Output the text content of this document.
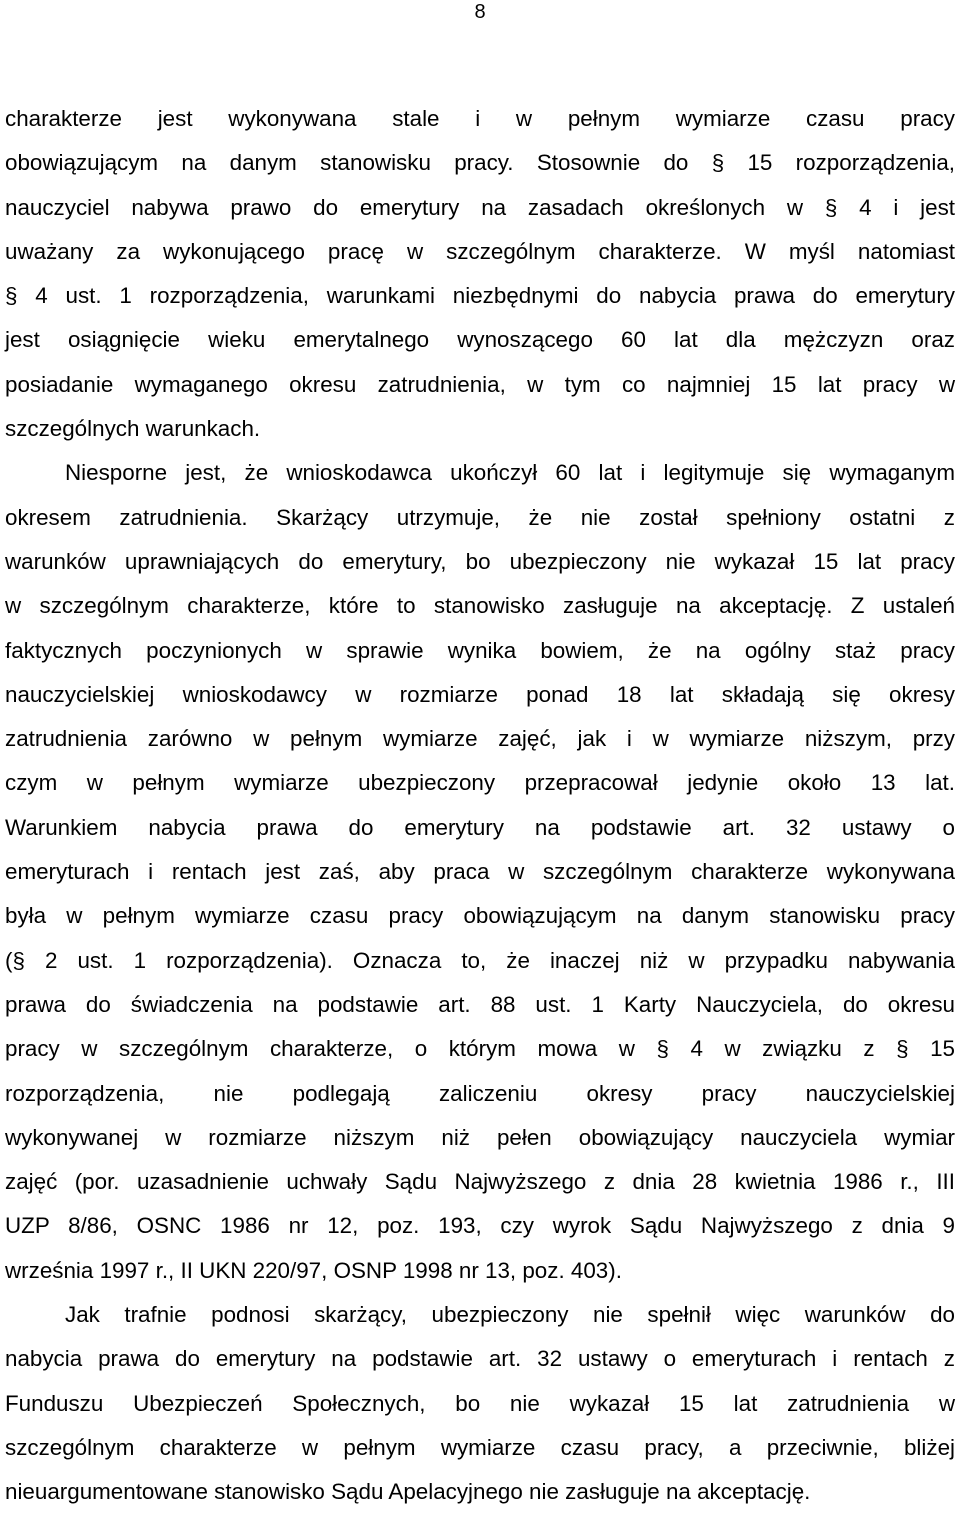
8
charakterze jest wykonywana stale i w pełnym wymiarze czasu pracy
obowiązującym na danym stanowisku pracy. Stosownie do § 15 rozporządzenia,
nauczyciel nabywa prawo do emerytury na zasadach określonych w § 4 i jest
uważany za wykonującego pracę w szczególnym charakterze. W myśl natomiast
§ 4 ust. 1 rozporządzenia, warunkami niezbędnymi do nabycia prawa do emerytury
jest osiągnięcie wieku emerytalnego wynoszącego 60 lat dla mężczyzn oraz
posiadanie wymaganego okresu zatrudnienia, w tym co najmniej 15 lat pracy w
szczególnych warunkach.
Niesporne jest, że wnioskodawca ukończył 60 lat i legitymuje się wymaganym
okresem zatrudnienia. Skarżący utrzymuje, że nie został spełniony ostatni z
warunków uprawniających do emerytury, bo ubezpieczony nie wykazał 15 lat pracy
w szczególnym charakterze, które to stanowisko zasługuje na akceptację. Z ustaleń
faktycznych poczynionych w sprawie wynika bowiem, że na ogólny staż pracy
nauczycielskiej wnioskodawcy w rozmiarze ponad 18 lat składają się okresy
zatrudnienia zarówno w pełnym wymiarze zajęć, jak i w wymiarze niższym, przy
czym w pełnym wymiarze ubezpieczony przepracował jedynie około 13 lat.
Warunkiem nabycia prawa do emerytury na podstawie art. 32 ustawy o
emeryturach i rentach jest zaś, aby praca w szczególnym charakterze wykonywana
była w pełnym wymiarze czasu pracy obowiązującym na danym stanowisku pracy
(§ 2 ust. 1 rozporządzenia). Oznacza to, że inaczej niż w przypadku nabywania
prawa do świadczenia na podstawie art. 88 ust. 1 Karty Nauczyciela, do okresu
pracy w szczególnym charakterze, o którym mowa w § 4 w związku z § 15
rozporządzenia, nie podlegają zaliczeniu okresy pracy nauczycielskiej
wykonywanej w rozmiarze niższym niż pełen obowiązujący nauczyciela wymiar
zajęć (por. uzasadnienie uchwały Sądu Najwyższego z dnia 28 kwietnia 1986 r., III
UZP 8/86, OSNC 1986 nr 12, poz. 193, czy wyrok Sądu Najwyższego z dnia 9
września 1997 r., II UKN 220/97, OSNP 1998 nr 13, poz. 403).
Jak trafnie podnosi skarżący, ubezpieczony nie spełnił więc warunków do
nabycia prawa do emerytury na podstawie art. 32 ustawy o emeryturach i rentach z
Funduszu Ubezpieczeń Społecznych, bo nie wykazał 15 lat zatrudnienia w
szczególnym charakterze w pełnym wymiarze czasu pracy, a przeciwnie, bliżej
nieuargumentowane stanowisko Sądu Apelacyjnego nie zasługuje na akceptację.
